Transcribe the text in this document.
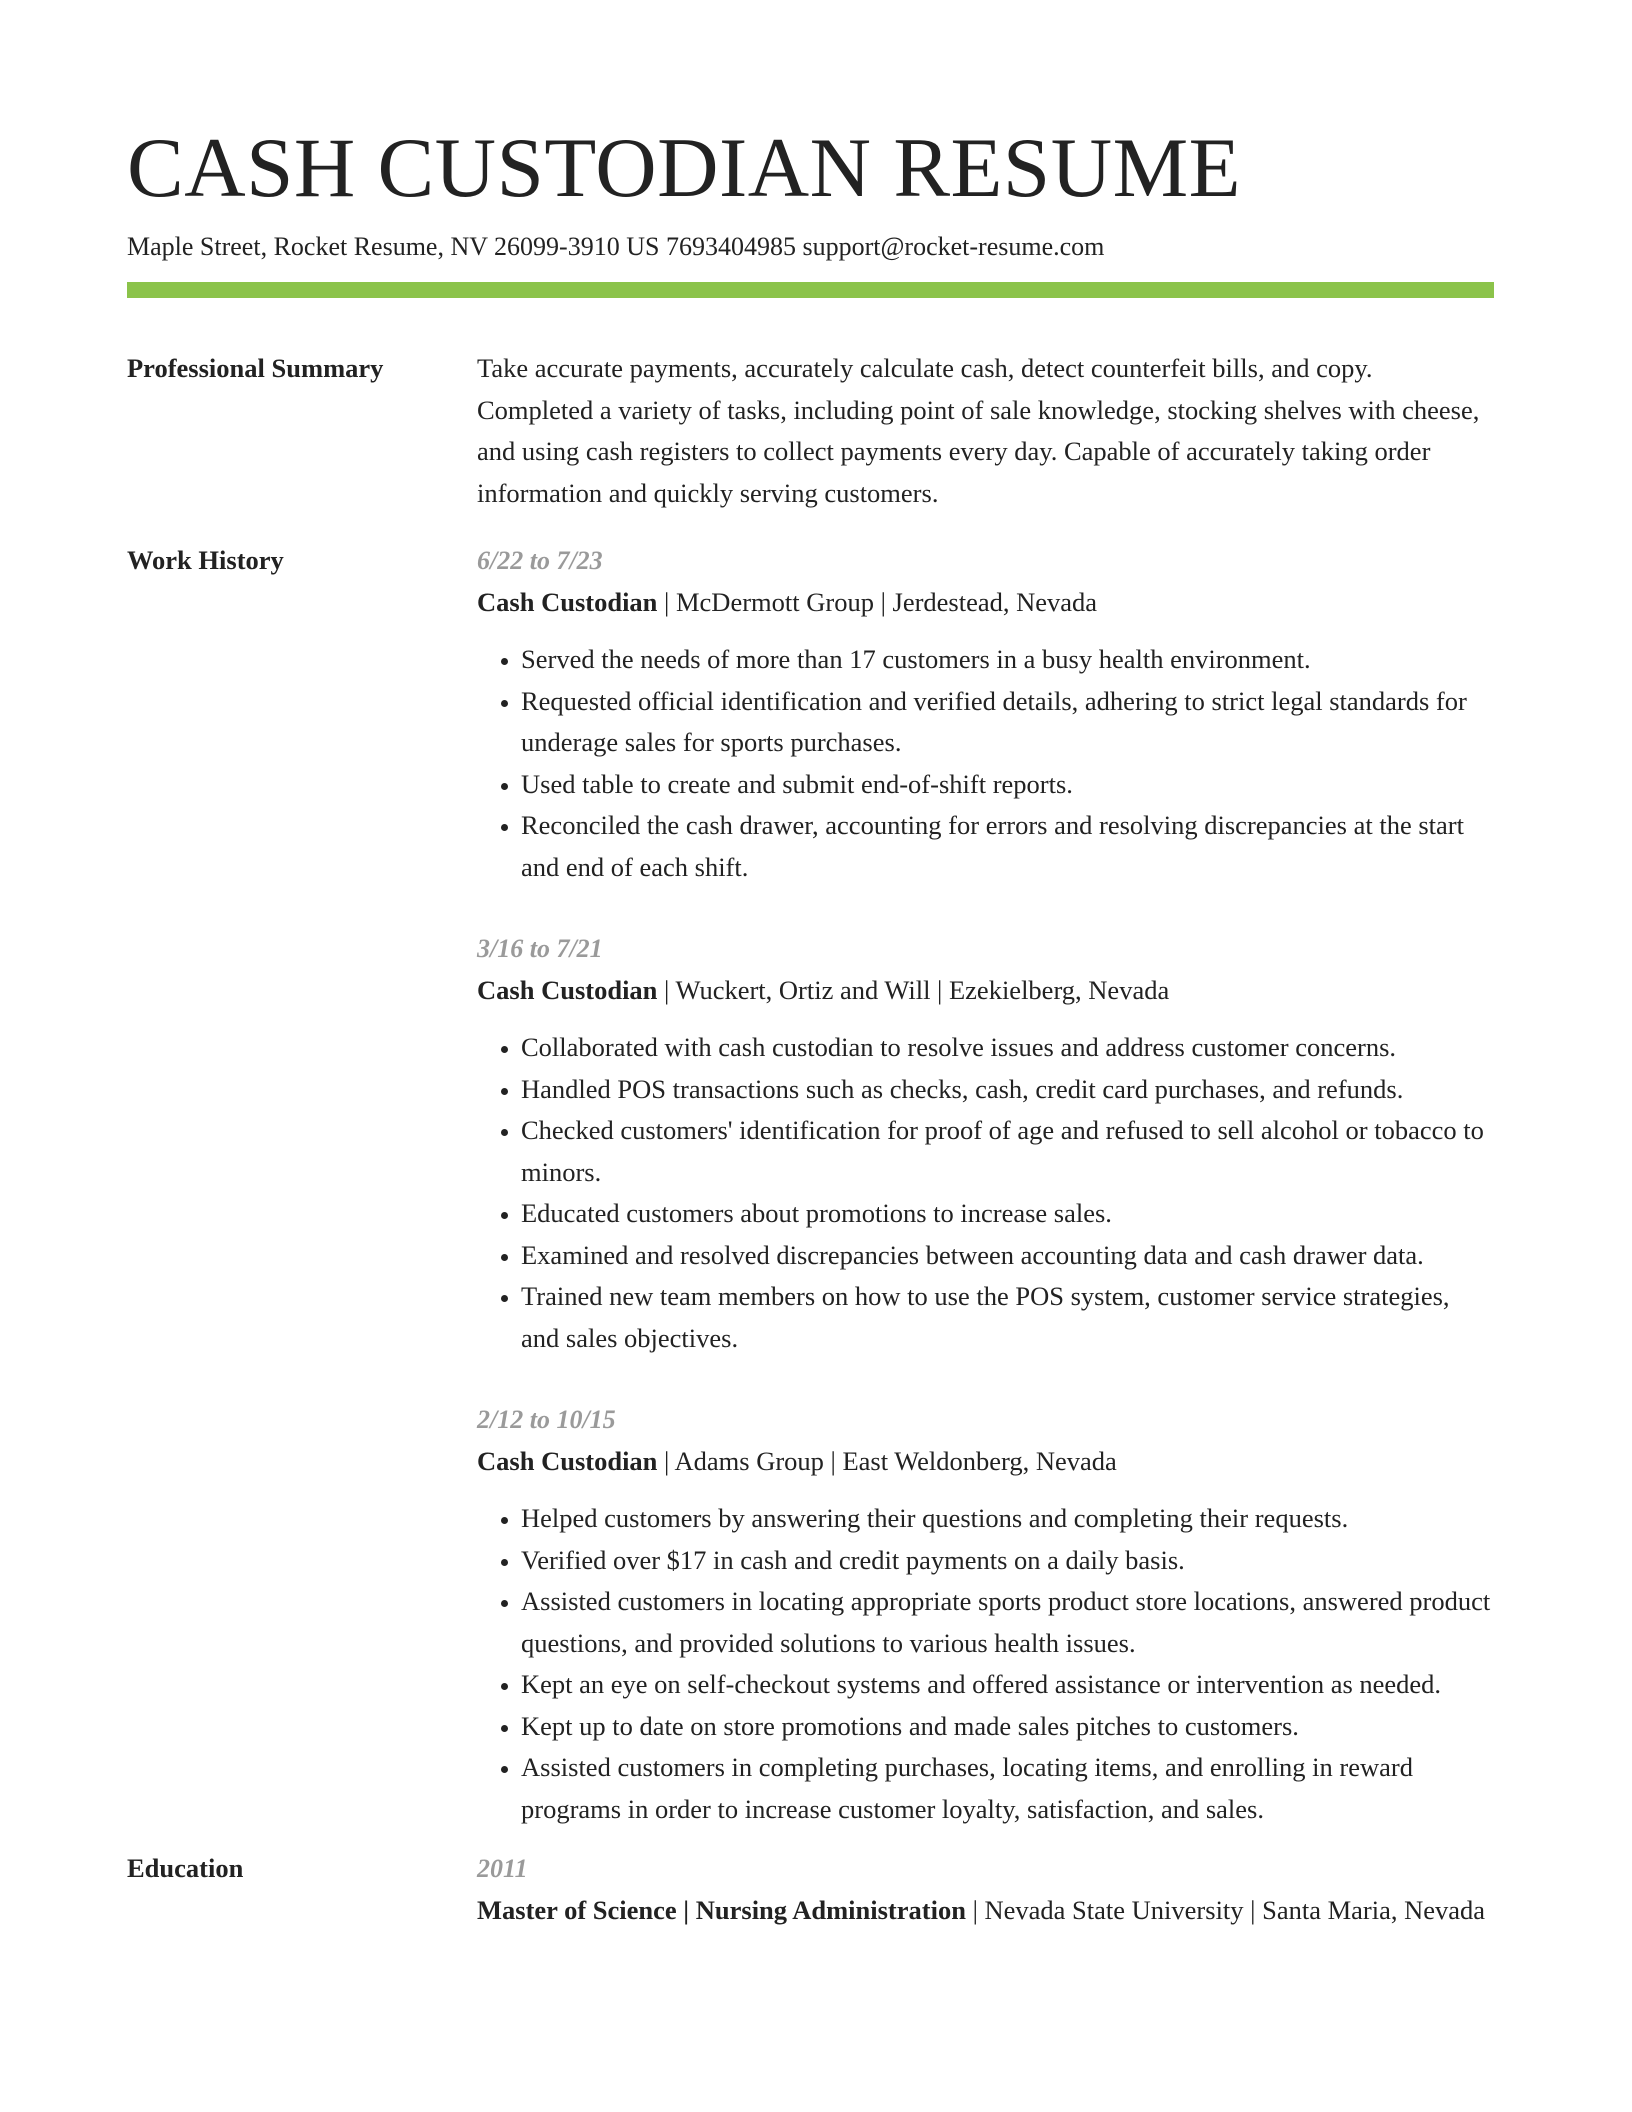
CASH CUSTODIAN RESUME
Maple Street, Rocket Resume, NV 26099-3910 US 7693404985 support@rocket-resume.com
Professional Summary	Take accurate payments, accurately calculate cash, detect counterfeit bills, and copy. Completed a variety of tasks, including point of sale knowledge, stocking shelves with cheese, and using cash registers to collect payments every day. Capable of accurately taking order information and quickly serving customers.

Work History	6/22 to 7/23
Cash Custodian | McDermott Group | Jerdestead, Nevada
• Served the needs of more than 17 customers in a busy health environment.
• Requested official identification and verified details, adhering to strict legal standards for underage sales for sports purchases.
• Used table to create and submit end-of-shift reports.
• Reconciled the cash drawer, accounting for errors and resolving discrepancies at the start and end of each shift.
3/16 to 7/21
Cash Custodian | Wuckert, Ortiz and Will | Ezekielberg, Nevada
• Collaborated with cash custodian to resolve issues and address customer concerns.
• Handled POS transactions such as checks, cash, credit card purchases, and refunds.
• Checked customers' identification for proof of age and refused to sell alcohol or tobacco to minors.
• Educated customers about promotions to increase sales.
• Examined and resolved discrepancies between accounting data and cash drawer data.
• Trained new team members on how to use the POS system, customer service strategies, and sales objectives.
2/12 to 10/15
Cash Custodian | Adams Group | East Weldonberg, Nevada
• Helped customers by answering their questions and completing their requests.
• Verified over $17 in cash and credit payments on a daily basis.
• Assisted customers in locating appropriate sports product store locations, answered product questions, and provided solutions to various health issues.
• Kept an eye on self-checkout systems and offered assistance or intervention as needed.
• Kept up to date on store promotions and made sales pitches to customers.
• Assisted customers in completing purchases, locating items, and enrolling in reward programs in order to increase customer loyalty, satisfaction, and sales.
Education	2011
Master of Science | Nursing Administration | Nevada State University | Santa Maria, Nevada
